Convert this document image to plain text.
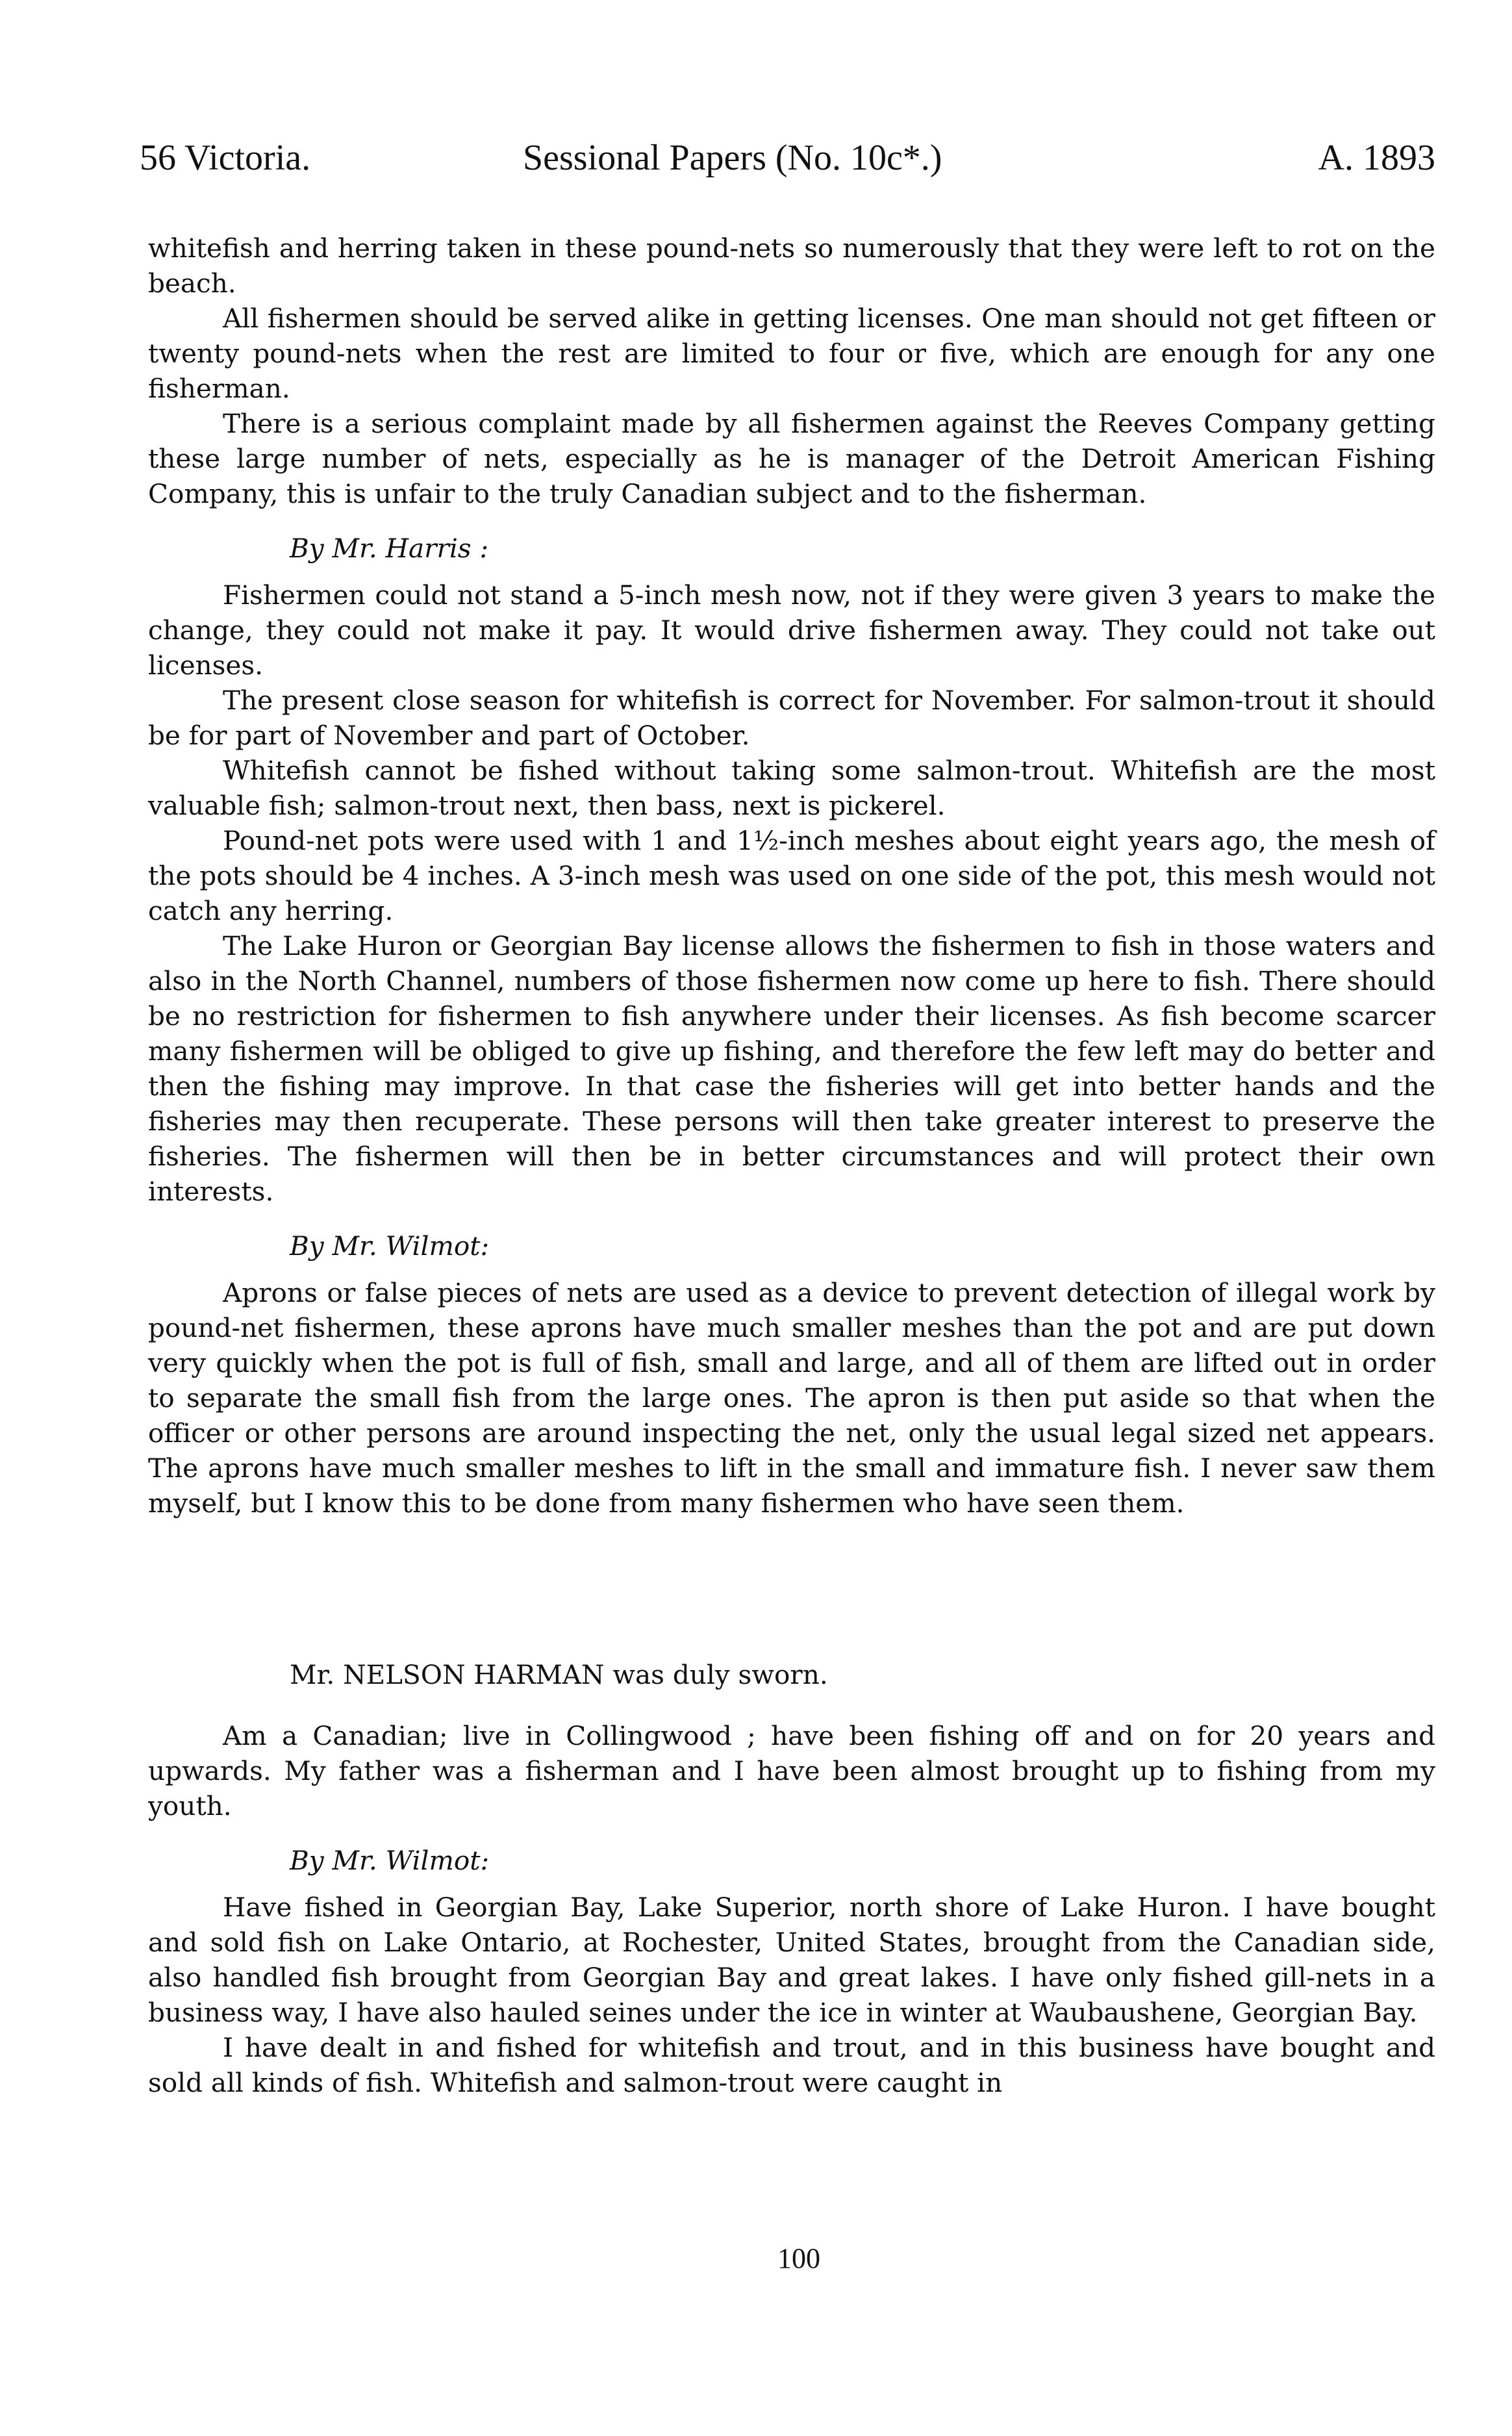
56 Victoria.	Sessional Papers (No. 10c*.)	A. 1893

whitefish and herring taken in these pound-nets so numerously that they were left to rot on the beach.

All fishermen should be served alike in getting licenses. One man should not get fifteen or twenty pound-nets when the rest are limited to four or five, which are enough for any one fisherman.

There is a serious complaint made by all fishermen against the Reeves Company getting these large number of nets, especially as he is manager of the Detroit American Fishing Company, this is unfair to the truly Canadian subject and to the fisherman.

By Mr. Harris :

Fishermen could not stand a 5-inch mesh now, not if they were given 3 years to make the change, they could not make it pay. It would drive fishermen away. They could not take out licenses.

The present close season for whitefish is correct for November. For salmon-trout it should be for part of November and part of October.

Whitefish cannot be fished without taking some salmon-trout. Whitefish are the most valuable fish; salmon-trout next, then bass, next is pickerel.

Pound-net pots were used with 1 and 1½-inch meshes about eight years ago, the mesh of the pots should be 4 inches. A 3-inch mesh was used on one side of the pot, this mesh would not catch any herring.

The Lake Huron or Georgian Bay license allows the fishermen to fish in those waters and also in the North Channel, numbers of those fishermen now come up here to fish. There should be no restriction for fishermen to fish anywhere under their licenses. As fish become scarcer many fishermen will be obliged to give up fishing, and therefore the few left may do better and then the fishing may improve. In that case the fisheries will get into better hands and the fisheries may then recuperate. These persons will then take greater interest to preserve the fisheries. The fishermen will then be in better circumstances and will protect their own interests.

By Mr. Wilmot:

Aprons or false pieces of nets are used as a device to prevent detection of illegal work by pound-net fishermen, these aprons have much smaller meshes than the pot and are put down very quickly when the pot is full of fish, small and large, and all of them are lifted out in order to separate the small fish from the large ones. The apron is then put aside so that when the officer or other persons are around inspecting the net, only the usual legal sized net appears. The aprons have much smaller meshes to lift in the small and immature fish. I never saw them myself, but I know this to be done from many fishermen who have seen them.

Mr. NELSON HARMAN was duly sworn.

Am a Canadian; live in Collingwood ; have been fishing off and on for 20 years and upwards. My father was a fisherman and I have been almost brought up to fishing from my youth.

By Mr. Wilmot:

Have fished in Georgian Bay, Lake Superior, north shore of Lake Huron. I have bought and sold fish on Lake Ontario, at Rochester, United States, brought from the Canadian side, also handled fish brought from Georgian Bay and great lakes. I have only fished gill-nets in a business way, I have also hauled seines under the ice in winter at Waubaushene, Georgian Bay.

I have dealt in and fished for whitefish and trout, and in this business have bought and sold all kinds of fish. Whitefish and salmon-trout were caught in

100
